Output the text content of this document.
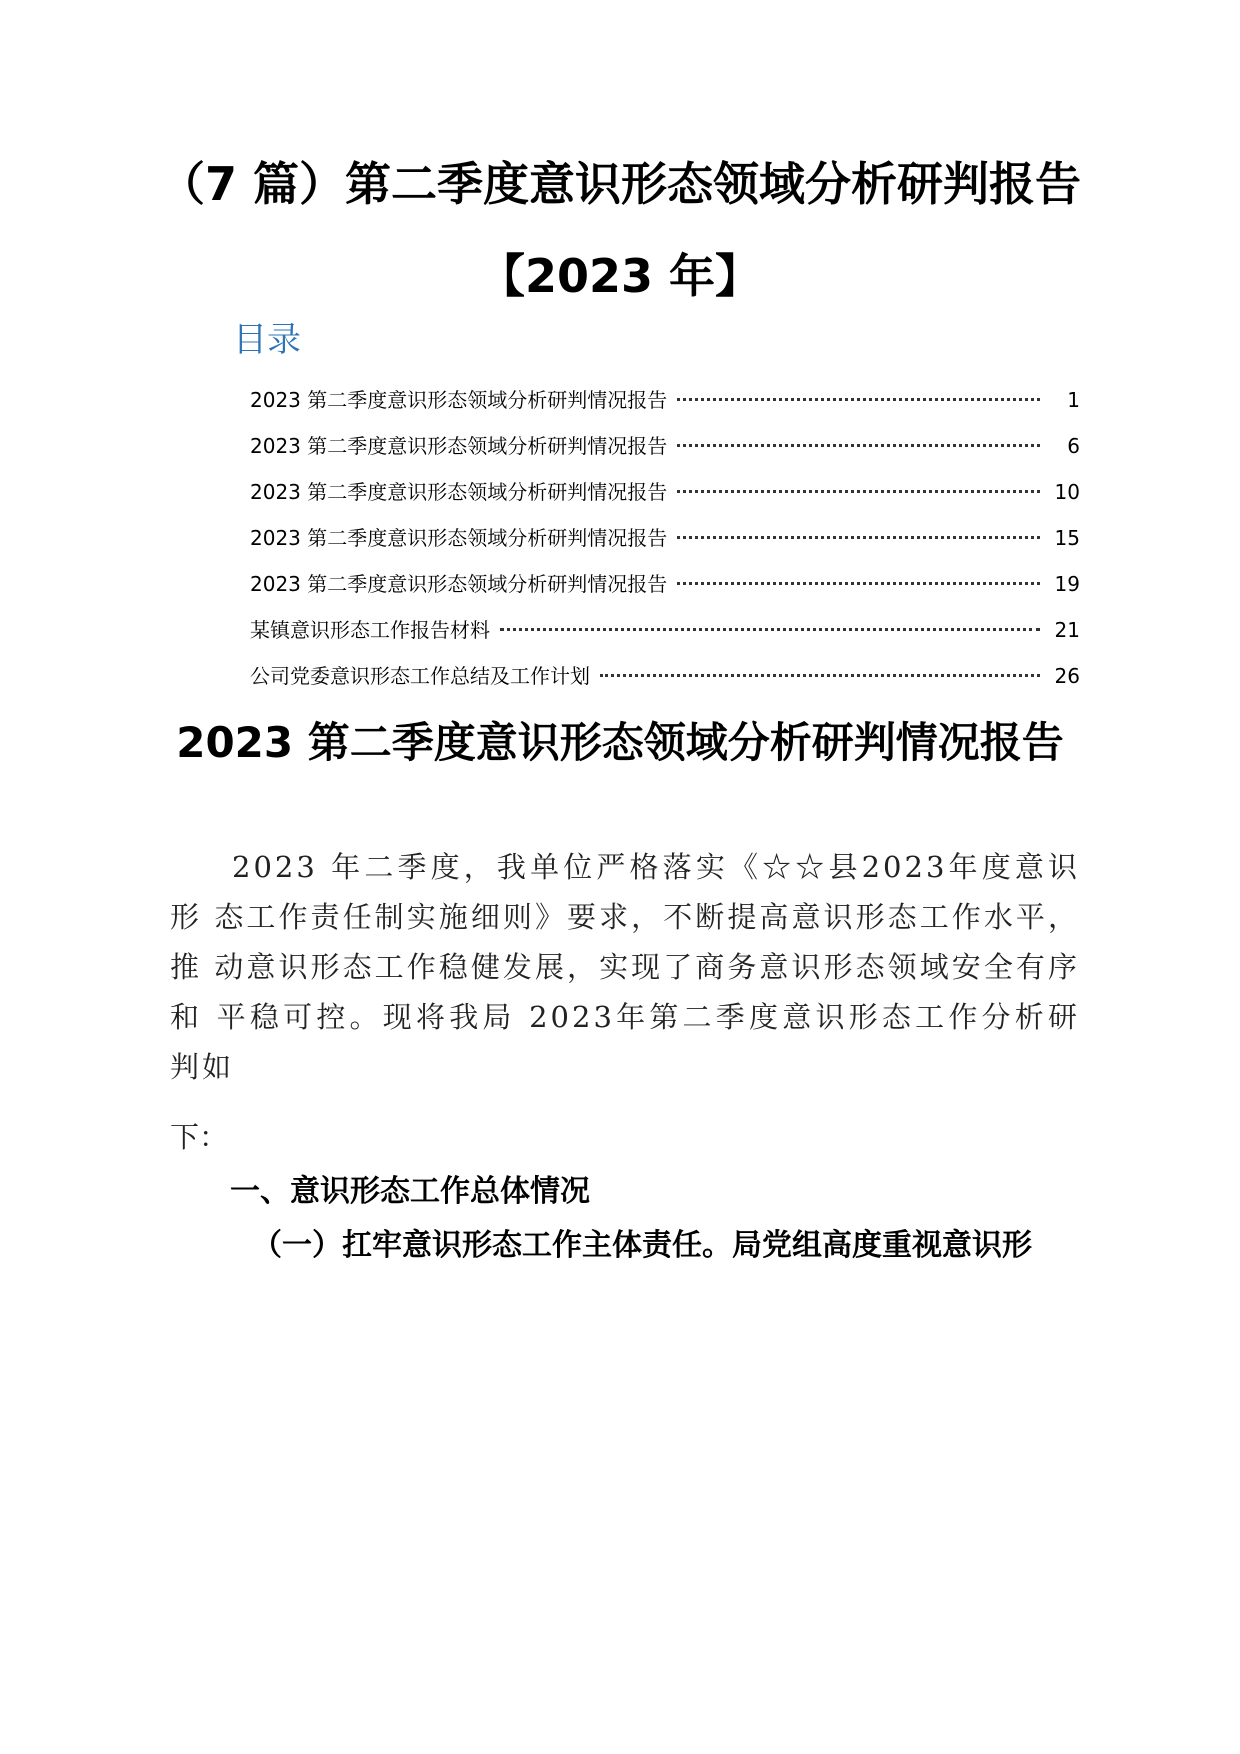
（7 篇）第二季度意识形态领域分析研判报告
【2023 年】
目录
2023 第二季度意识形态领域分析研判情况报告	1
2023 第二季度意识形态领域分析研判情况报告	6
2023 第二季度意识形态领域分析研判情况报告	10
2023 第二季度意识形态领域分析研判情况报告	15
2023 第二季度意识形态领域分析研判情况报告	19
某镇意识形态工作报告材料	21
公司党委意识形态工作总结及工作计划	26
2023 第二季度意识形态领域分析研判情况报告

2023 年二季度，我单位严格落实《☆☆县2023年度意识形 态工作责任制实施细则》要求，不断提高意识形态工作水平，推 动意识形态工作稳健发展，实现了商务意识形态领域安全有序和 平稳可控。现将我局 2023年第二季度意识形态工作分析研判如

下：

一、意识形态工作总体情况
（一）扛牢意识形态工作主体责任。局党组高度重视意识形
